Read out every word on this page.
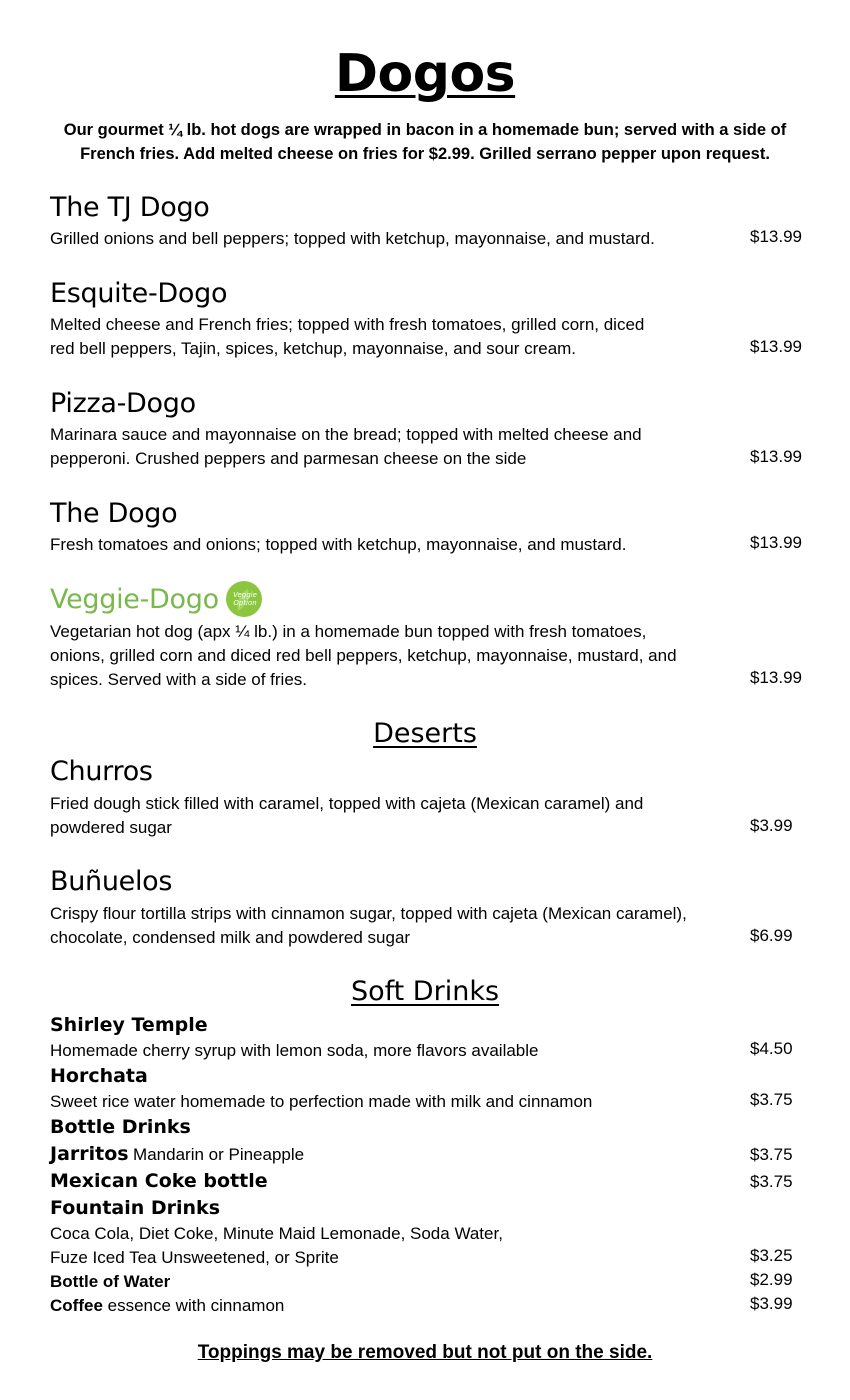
Dogos
Our gourmet ¼ lb. hot dogs are wrapped in bacon in a homemade bun; served with a side of
French fries. Add melted cheese on fries for $2.99. Grilled serrano pepper upon request.
The TJ Dogo
Grilled onions and bell peppers; topped with ketchup, mayonnaise, and mustard.	$13.99
Esquite-Dogo
Melted cheese and French fries; topped with fresh tomatoes, grilled corn, diced
red bell peppers, Tajin, spices, ketchup, mayonnaise, and sour cream.	$13.99
Pizza-Dogo
Marinara sauce and mayonnaise on the bread; topped with melted cheese and
pepperoni. Crushed peppers and parmesan cheese on the side	$13.99
The Dogo
Fresh tomatoes and onions; topped with ketchup, mayonnaise, and mustard.	$13.99
Veggie-Dogo Veggie
Option
Vegetarian hot dog (apx ¼ lb.) in a homemade bun topped with fresh tomatoes,
onions, grilled corn and diced red bell peppers, ketchup, mayonnaise, mustard, and
spices. Served with a side of fries.	$13.99
Deserts
Churros
Fried dough stick filled with caramel, topped with cajeta (Mexican caramel) and
powdered sugar	$3.99
Buñuelos
Crispy flour tortilla strips with cinnamon sugar, topped with cajeta (Mexican caramel),
chocolate, condensed milk and powdered sugar	$6.99
Soft Drinks
Shirley Temple
Homemade cherry syrup with lemon soda, more flavors available	$4.50
Horchata
Sweet rice water homemade to perfection made with milk and cinnamon	$3.75
Bottle Drinks
Jarritos Mandarin or Pineapple	$3.75
Mexican Coke bottle	$3.75
Fountain Drinks
Coca Cola, Diet Coke, Minute Maid Lemonade, Soda Water,
Fuze Iced Tea Unsweetened, or Sprite	$3.25
Bottle of Water	$2.99
Coffee essence with cinnamon	$3.99
Toppings may be removed but not put on the side.
